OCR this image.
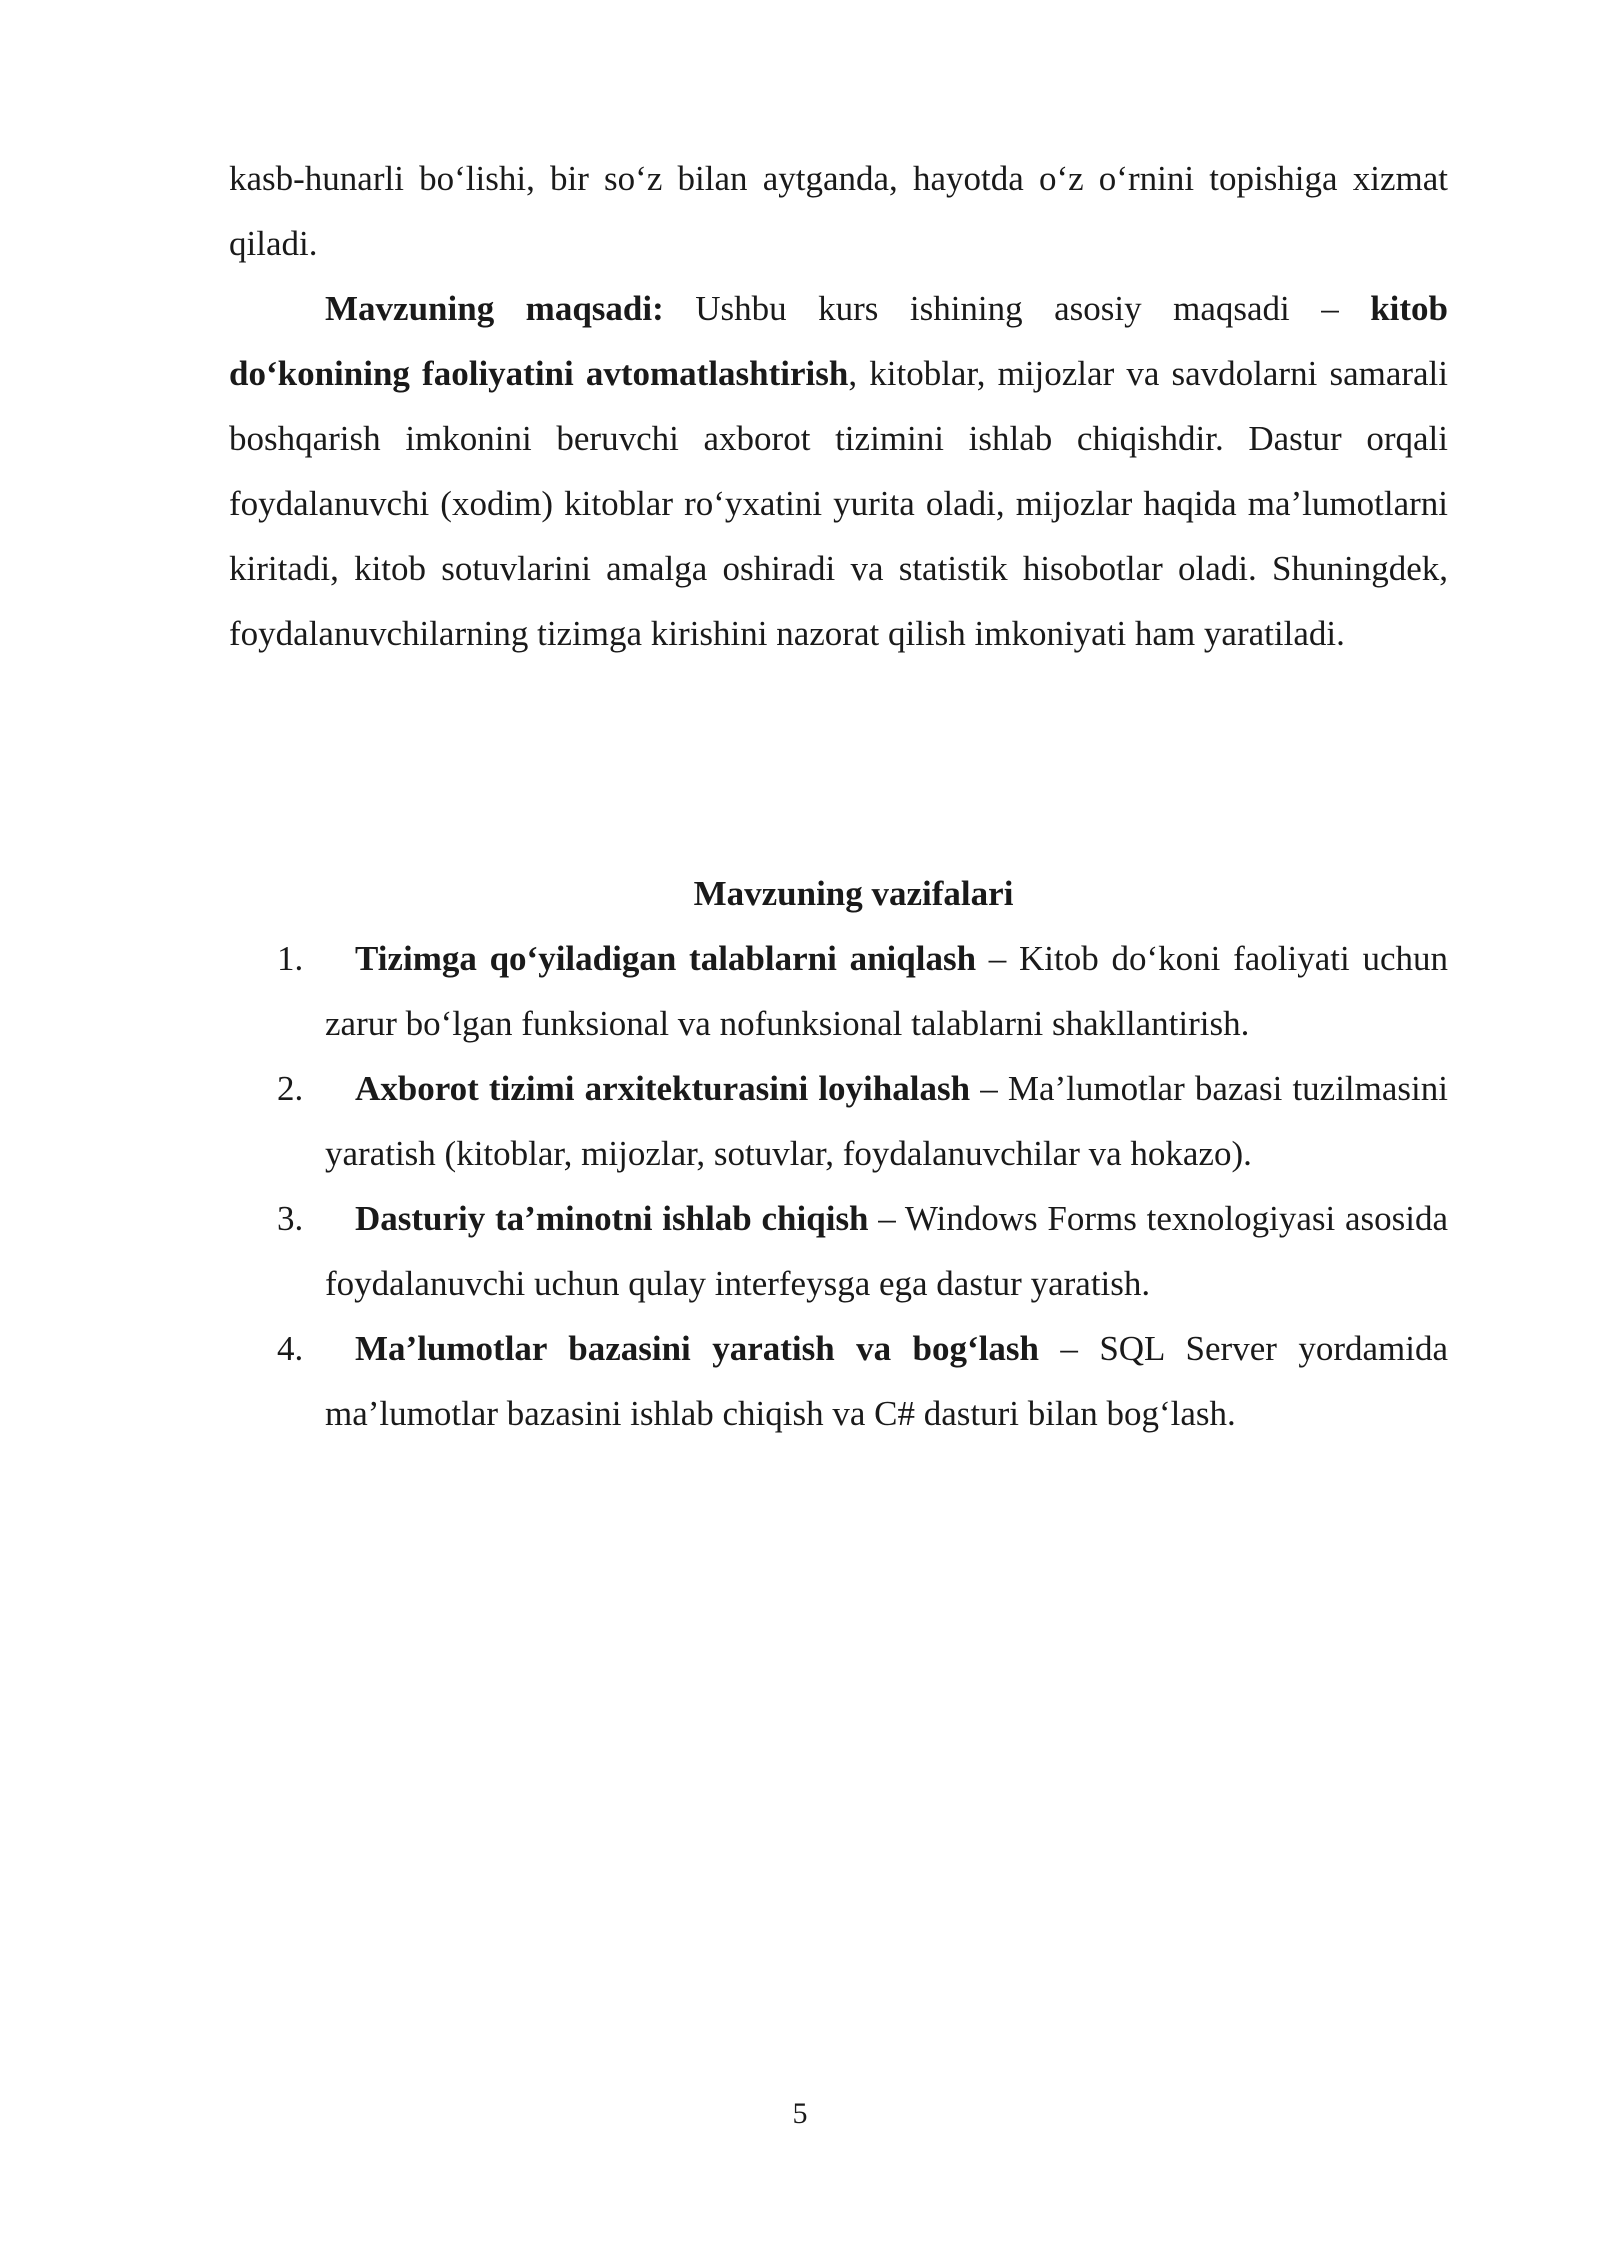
kasb-hunarli bo‘lishi, bir so‘z bilan aytganda, hayotda o‘z o‘rnini topishiga xizmat qiladi.

Mavzuning maqsadi: Ushbu kurs ishining asosiy maqsadi – kitob do‘konining faoliyatini avtomatlashtirish, kitoblar, mijozlar va savdolarni samarali boshqarish imkonini beruvchi axborot tizimini ishlab chiqishdir. Dastur orqali foydalanuvchi (xodim) kitoblar ro‘yxatini yurita oladi, mijozlar haqida ma’lumotlarni kiritadi, kitob sotuvlarini amalga oshiradi va statistik hisobotlar oladi. Shuningdek, foydalanuvchilarning tizimga kirishini nazorat qilish imkoniyati ham yaratiladi.

Mavzuning vazifalari

1. Tizimga qo‘yiladigan talablarni aniqlash – Kitob do‘koni faoliyati uchun zarur bo‘lgan funksional va nofunksional talablarni shakllantirish.
2. Axborot tizimi arxitekturasini loyihalash – Ma’lumotlar bazasi tuzilmasini yaratish (kitoblar, mijozlar, sotuvlar, foydalanuvchilar va hokazo).
3. Dasturiy ta’minotni ishlab chiqish – Windows Forms texnologiyasi asosida foydalanuvchi uchun qulay interfeysga ega dastur yaratish.
4. Ma’lumotlar bazasini yaratish va bog‘lash – SQL Server yordamida ma’lumotlar bazasini ishlab chiqish va C# dasturi bilan bog‘lash.
5
